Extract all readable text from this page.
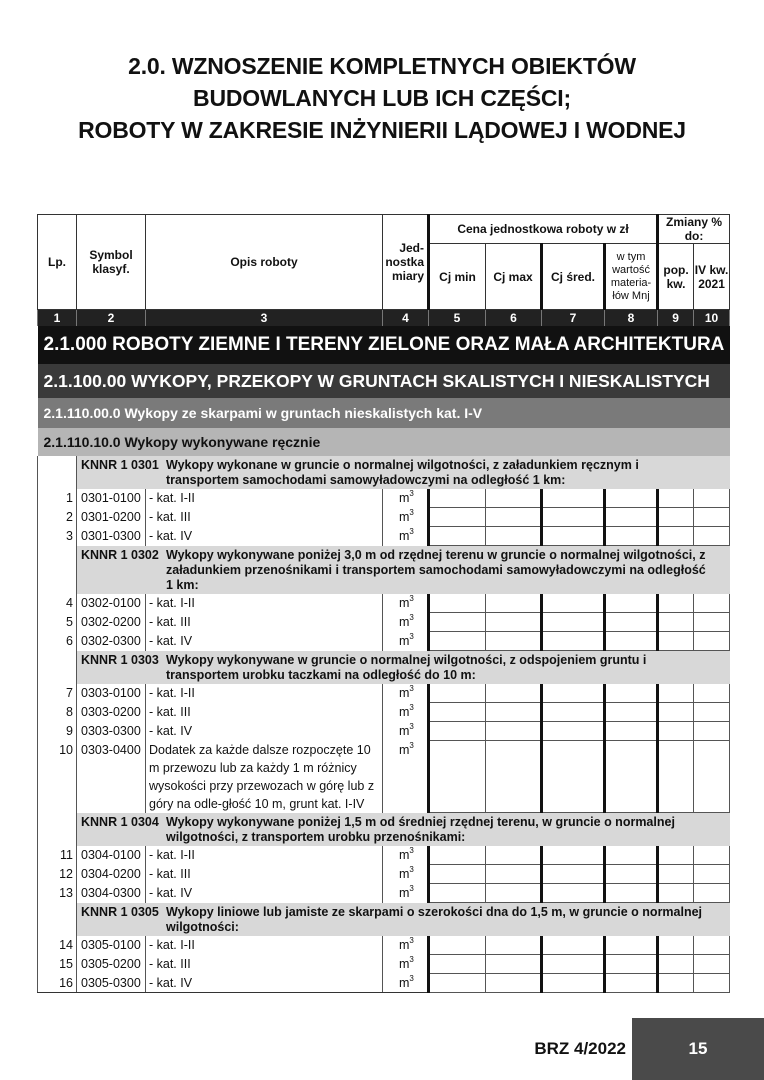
2.0. WZNOSZENIE KOMPLETNYCH OBIEKTÓW
BUDOWLANYCH LUB ICH CZĘŚCI;
ROBOTY W ZAKRESIE INŻYNIERII LĄDOWEJ I WODNEJ
Lp.	Symbol klasyf.	Opis roboty	Jed-nostka miary	Cena jednostkowa roboty w zł				Zmiany % do:	
				Cj min	Cj max	Cj śred.	w tym wartość materia-łów Mnj	pop. kw.	IV kw. 2021
1	2	3	4	5	6	7	8	9	10
2.1.000 ROBOTY ZIEMNE I TERENY ZIELONE ORAZ MAŁA ARCHITEKTURA									
2.1.100.00 WYKOPY, PRZEKOPY W GRUNTACH SKALISTYCH I NIESKALISTYCH									
2.1.110.00.0 Wykopy ze skarpami w gruntach nieskalistych kat. I-V									
2.1.110.10.0 Wykopy wykonywane ręcznie									
	KNNR 1 0301 Wykopy wykonane w gruncie o normalnej wilgotności, z załadunkiem ręcznym i transportem samochodami samowyładowczymi na odległość 1 km:								
1	0301-0100	- kat. I-II	$m^3$						
2	0301-0200	- kat. III	$m^3$						
3	0301-0300	- kat. IV	$m^3$						
	KNNR 1 0302 Wykopy wykonywane poniżej 3,0 m od rzędnej terenu w gruncie o normalnej wilgotności, z załadunkiem przenośnikami i transportem samochodami samowyładowczymi na odległość 1 km:								
4	0302-0100	- kat. I-II	$m^3$						
5	0302-0200	- kat. III	$m^3$						
6	0302-0300	- kat. IV	$m^3$						
	KNNR 1 0303 Wykopy wykonywane w gruncie o normalnej wilgotności, z odspojeniem gruntu i transportem urobku taczkami na odległość do 10 m:								
7	0303-0100	- kat. I-II	$m^3$						
8	0303-0200	- kat. III	$m^3$						
9	0303-0300	- kat. IV	$m^3$						
10	0303-0400	Dodatek za każde dalsze rozpoczęte 10 m przewozu lub za każdy 1 m różnicy wysokości przy przewozach w górę lub z góry na odle-głość 10 m, grunt kat. I-IV	$m^3$						
	KNNR 1 0304 Wykopy wykonywane poniżej 1,5 m od średniej rzędnej terenu, w gruncie o normalnej wilgotności, z transportem urobku przenośnikami:								
11	0304-0100	- kat. I-II	$m^3$						
12	0304-0200	- kat. III	$m^3$						
13	0304-0300	- kat. IV	$m^3$						
	KNNR 1 0305 Wykopy liniowe lub jamiste ze skarpami o szerokości dna do 1,5 m, w gruncie o normalnej wilgotności:								
14	0305-0100	- kat. I-II	$m^3$						
15	0305-0200	- kat. III	$m^3$						
16	0305-0300	- kat. IV	$m^3$						
BRZ 4/2022	15
